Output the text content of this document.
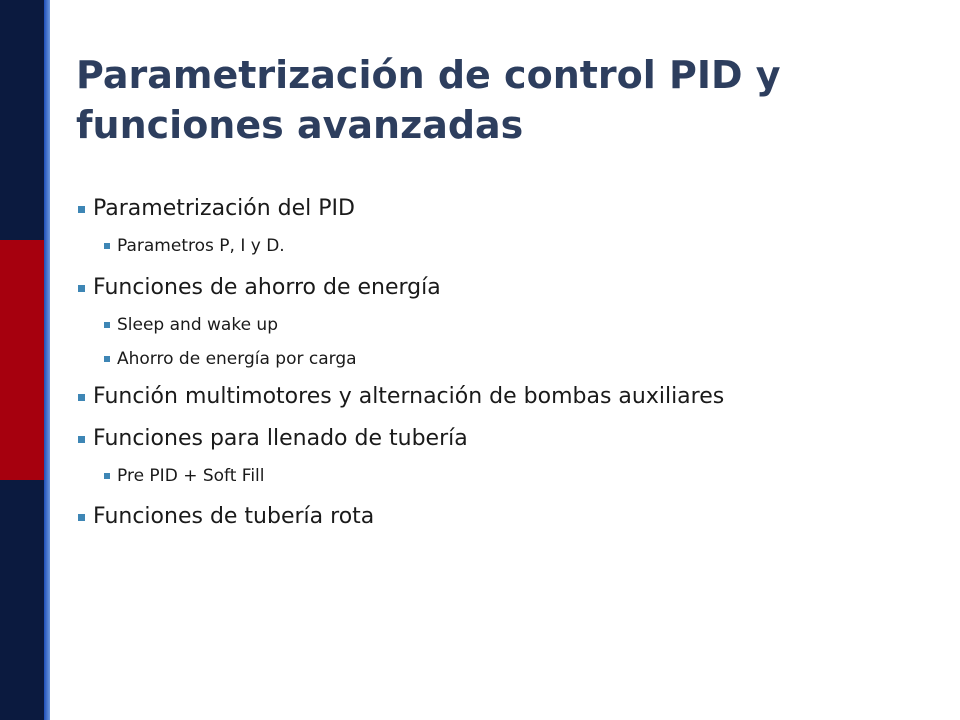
Parametrización de control PID y funciones avanzadas
Parametrización del PID
Parametros P, I y D.
Funciones de ahorro de energía
Sleep and wake up
Ahorro de energía por carga
Función multimotores y alternación de bombas auxiliares
Funciones para llenado de tubería
Pre PID + Soft Fill
Funciones de tubería rota
